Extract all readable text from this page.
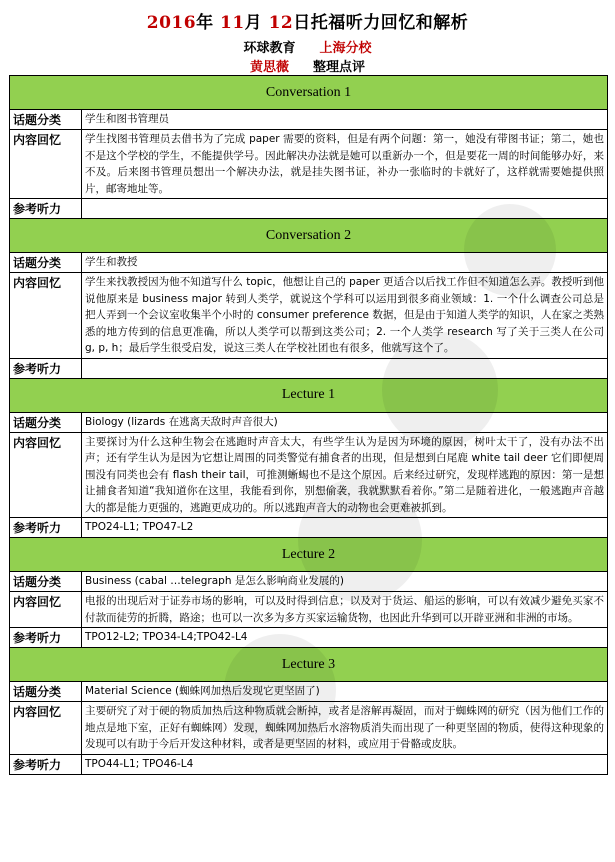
2016年 11月 12日托福听力回忆和解析
环球教育 上海分校
黄思薇 整理点评
Conversation 1	
话题分类	学生和图书管理员
内容回忆	学生找图书管理员去借书为了完成 paper 需要的资料，但是有两个问题：第一，她没有带图书证；第二，她也不是这个学校的学生，不能提供学号。因此解决办法就是她可以重新办一个，但是要花一周的时间能够办好，来不及。后来图书管理员想出一个解决办法，就是挂失图书证，补办一张临时的卡就好了，这样就需要她提供照片，邮寄地址等。
参考听力	
Conversation 2	
话题分类	学生和教授
内容回忆	学生来找教授因为他不知道写什么 topic，他想让自己的 paper 更适合以后找工作但不知道怎么弄。教授听到他说他原来是 business major 转到人类学，就说这个学科可以运用到很多商业领域：1. 一个什么调查公司总是把人弄到一个会议室收集半个小时的 consumer preference 数据，但是由于知道人类学的知识，人在家之类熟悉的地方传到的信息更准确，所以人类学可以帮到这类公司；2. 一个人类学 research 写了关于三类人在公司 g, p, h；最后学生很受启发，说这三类人在学校社团也有很多，他就写这个了。
参考听力	
Lecture 1	
话题分类	Biology (lizards 在逃离天敌时声音很大)
内容回忆	主要探讨为什么这种生物会在逃跑时声音太大，有些学生认为是因为环境的原因，树叶太干了，没有办法不出声；还有学生认为是因为它想让周围的同类警觉有捕食者的出现，但是想到白尾鹿 white tail deer 它们即便周围没有同类也会有 flash their tail，可推测蜥蜴也不是这个原因。后来经过研究，发现样逃跑的原因：第一是想让捕食者知道“我知道你在这里，我能看到你，别想偷袭，我就默默看着你。”第二是随着进化，一般逃跑声音越大的都是能力更强的，逃跑更成功的。所以逃跑声音大的动物也会更难被抓到。
参考听力	TPO24-L1; TPO47-L2
Lecture 2	
话题分类	Business (cabal …telegraph 是怎么影响商业发展的)
内容回忆	电报的出现后对于证券市场的影响，可以及时得到信息；以及对于货运、船运的影响，可以有效减少避免买家不付款而徒劳的折腾，路途；也可以一次多为多方买家运输货物，也因此升华到可以开辟亚洲和非洲的市场。
参考听力	TPO12-L2; TPO34-L4;TPO42-L4
Lecture 3	
话题分类	Material Science (蜘蛛网加热后发现它更坚固了)
内容回忆	主要研究了对于硬的物质加热后这种物质就会断掉，或者是溶解再凝固，而对于蜘蛛网的研究（因为他们工作的地点是地下室，正好有蜘蛛网）发现，蜘蛛网加热后水溶物质消失而出现了一种更坚固的物质，使得这种现象的发现可以有助于今后开发这种材料，或者是更坚固的材料，或应用于骨骼或皮肤。
参考听力	TPO44-L1; TPO46-L4
